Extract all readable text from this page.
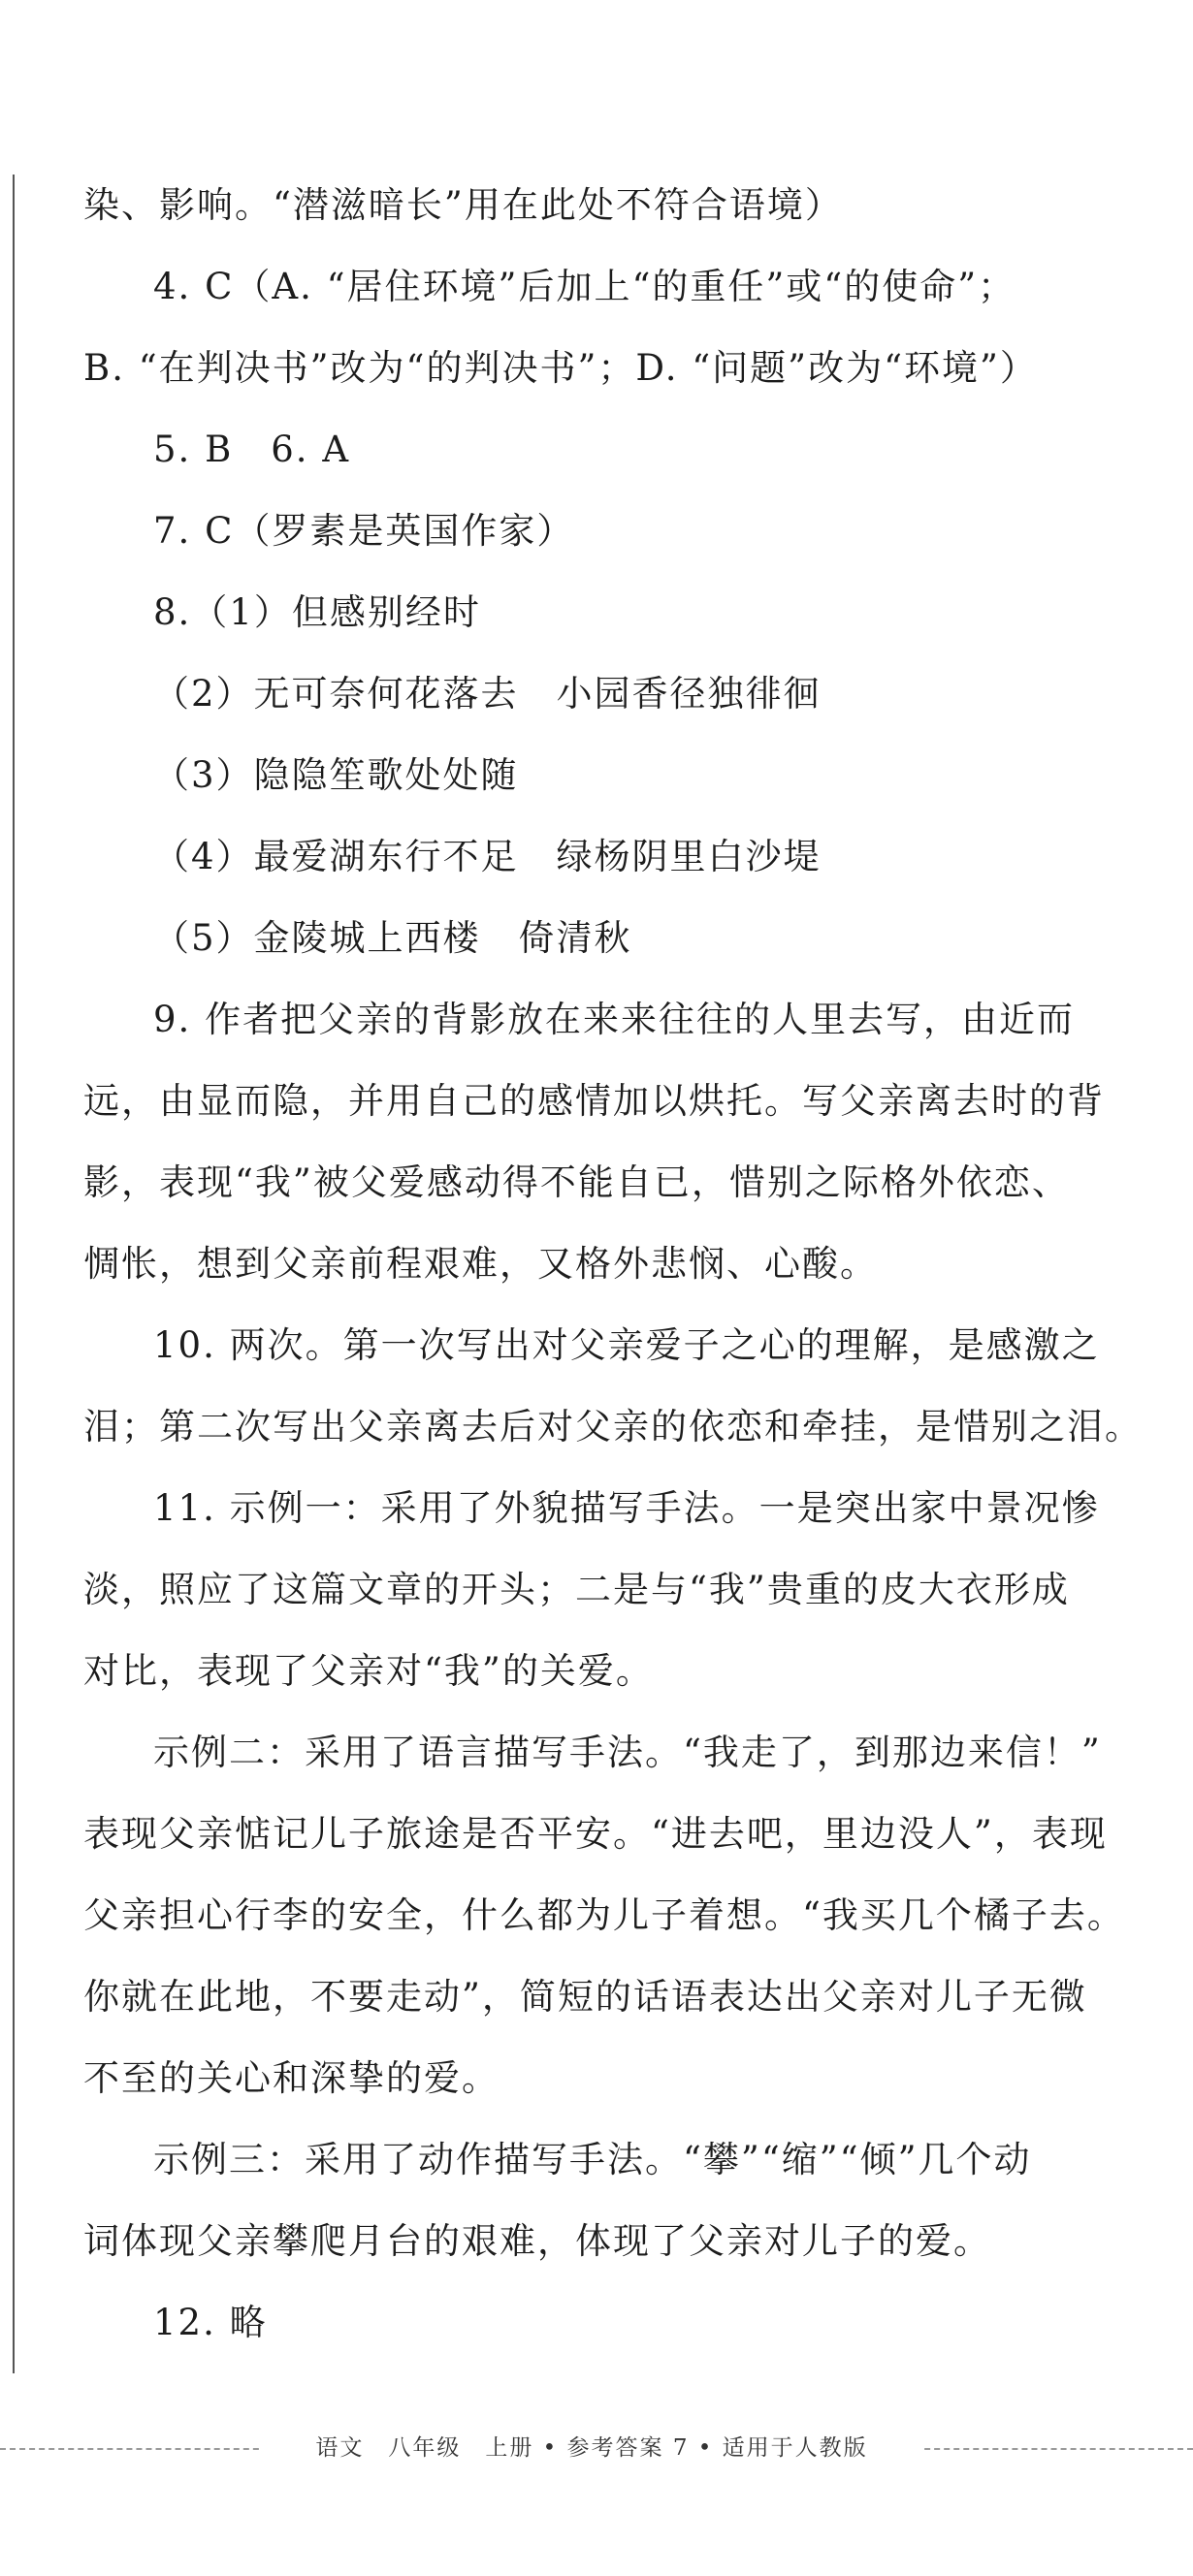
染、影响。“潜滋暗长”用在此处不符合语境）
4. C（A. “居住环境”后加上“的重任”或“的使命”；
B. “在判决书”改为“的判决书”；D. “问题”改为“环境”）
5. B　6. A
7. C（罗素是英国作家）
8.（1）但感别经时
（2）无可奈何花落去　小园香径独徘徊
（3）隐隐笙歌处处随
（4）最爱湖东行不足　绿杨阴里白沙堤
（5）金陵城上西楼　倚清秋
9. 作者把父亲的背影放在来来往往的人里去写，由近而
远，由显而隐，并用自己的感情加以烘托。写父亲离去时的背
影，表现“我”被父爱感动得不能自已，惜别之际格外依恋、
惆怅，想到父亲前程艰难，又格外悲悯、心酸。
10. 两次。第一次写出对父亲爱子之心的理解，是感激之
泪；第二次写出父亲离去后对父亲的依恋和牵挂，是惜别之泪。
11. 示例一：采用了外貌描写手法。一是突出家中景况惨
淡，照应了这篇文章的开头；二是与“我”贵重的皮大衣形成
对比，表现了父亲对“我”的关爱。
示例二：采用了语言描写手法。“我走了，到那边来信！”
表现父亲惦记儿子旅途是否平安。“进去吧，里边没人”，表现
父亲担心行李的安全，什么都为儿子着想。“我买几个橘子去。
你就在此地，不要走动”，简短的话语表达出父亲对儿子无微
不至的关心和深挚的爱。
示例三：采用了动作描写手法。“攀”“缩”“倾”几个动
词体现父亲攀爬月台的艰难，体现了父亲对儿子的爱。
12. 略
语文　八年级　上册 • 参考答案 7 • 适用于人教版
